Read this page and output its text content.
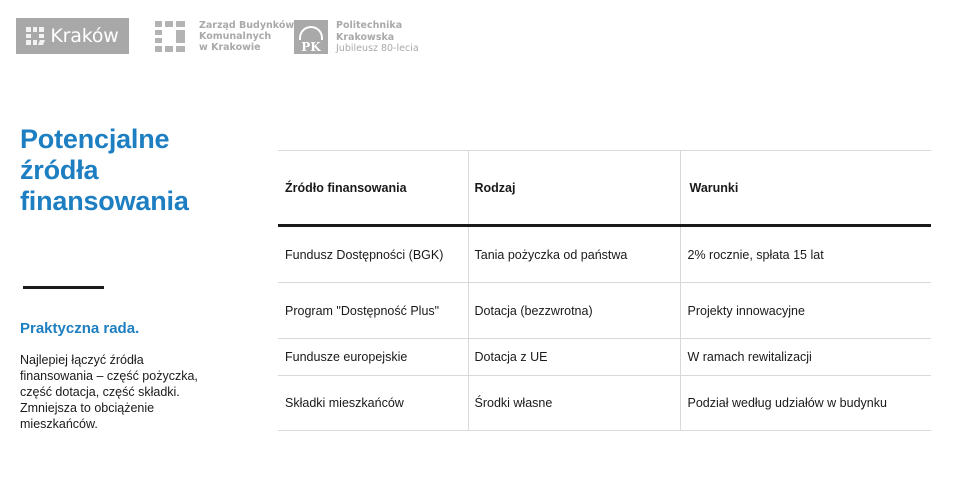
Kraków	Zarząd Budynków
Komunalnych
w Krakowie	PK
Politechnika
Krakowska
Jubileusz 80-lecia
Potencjalne
źródła
finansowania
Praktyczna rada.

Najlepiej łączyć źródła finansowania – część pożyczka, część dotacja, część składki. Zmniejsza to obciążenie mieszkańców.

Źródło finansowania	Rodzaj	Warunki
Fundusz Dostępności (BGK)	Tania pożyczka od państwa	2% rocznie, spłata 15 lat
Program "Dostępność Plus"	Dotacja (bezzwrotna)	Projekty innowacyjne
Fundusze europejskie	Dotacja z UE	W ramach rewitalizacji
Składki mieszkańców	Środki własne	Podział według udziałów w budynku
